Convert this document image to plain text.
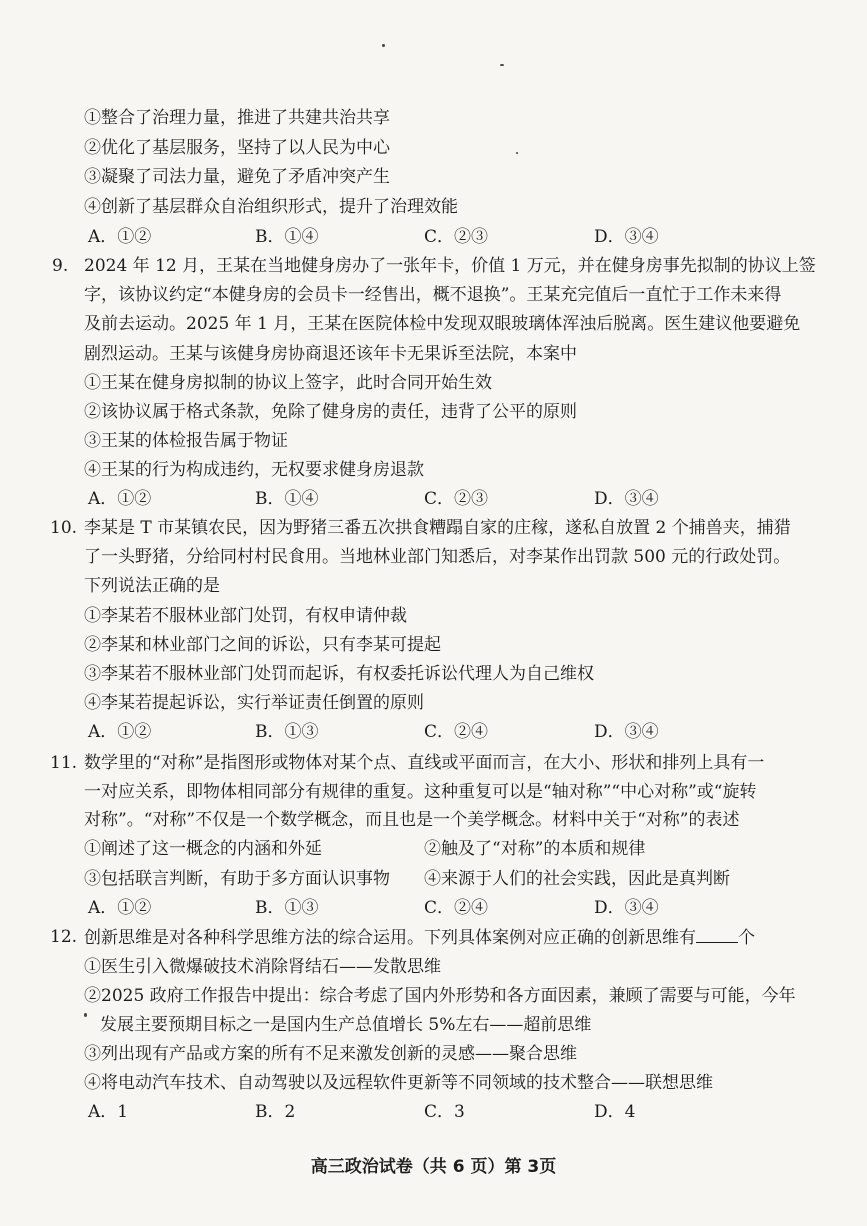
①整合了治理力量，推进了共建共治共享
②优化了基层服务，坚持了以人民为中心
③凝聚了司法力量，避免了矛盾冲突产生
④创新了基层群众自治组织形式，提升了治理效能
A．①②	B．①④	C．②③	D．③④
9. 2024 年 12 月，王某在当地健身房办了一张年卡，价值 1 万元，并在健身房事先拟制的协议上签
字，该协议约定“本健身房的会员卡一经售出，概不退换”。王某充完值后一直忙于工作未来得
及前去运动。2025 年 1 月，王某在医院体检中发现双眼玻璃体浑浊后脱离。医生建议他要避免
剧烈运动。王某与该健身房协商退还该年卡无果诉至法院，本案中
①王某在健身房拟制的协议上签字，此时合同开始生效
②该协议属于格式条款，免除了健身房的责任，违背了公平的原则
③王某的体检报告属于物证
④王某的行为构成违约，无权要求健身房退款
A．①②	B．①④	C．②③	D．③④
10. 李某是 T 市某镇农民，因为野猪三番五次拱食糟蹋自家的庄稼，遂私自放置 2 个捕兽夹，捕猎
了一头野猪，分给同村村民食用。当地林业部门知悉后，对李某作出罚款 500 元的行政处罚。
下列说法正确的是
①李某若不服林业部门处罚，有权申请仲裁
②李某和林业部门之间的诉讼，只有李某可提起
③李某若不服林业部门处罚而起诉，有权委托诉讼代理人为自己维权
④李某若提起诉讼，实行举证责任倒置的原则
A．①②	B．①③	C．②④	D．③④
11. 数学里的“对称”是指图形或物体对某个点、直线或平面而言，在大小、形状和排列上具有一
一对应关系，即物体相同部分有规律的重复。这种重复可以是“轴对称”“中心对称”或“旋转
对称”。“对称”不仅是一个数学概念，而且也是一个美学概念。材料中关于“对称”的表述
①阐述了这一概念的内涵和外延	②触及了“对称”的本质和规律
③包括联言判断，有助于多方面认识事物 ④来源于人们的社会实践，因此是真判断
A．①②	B．①③	C．②④	D．③④
12. 创新思维是对各种科学思维方法的综合运用。下列具体案例对应正确的创新思维有 个
①医生引入微爆破技术消除肾结石——发散思维
②2025 政府工作报告中提出：综合考虑了国内外形势和各方面因素，兼顾了需要与可能，今年
发展主要预期目标之一是国内生产总值增长 5%左右——超前思维
③列出现有产品或方案的所有不足来激发创新的灵感——聚合思维
④将电动汽车技术、自动驾驶以及远程软件更新等不同领域的技术整合——联想思维
A．1	B．2	C．3	D．4
高三政治试卷（共 6 页）第 3页
